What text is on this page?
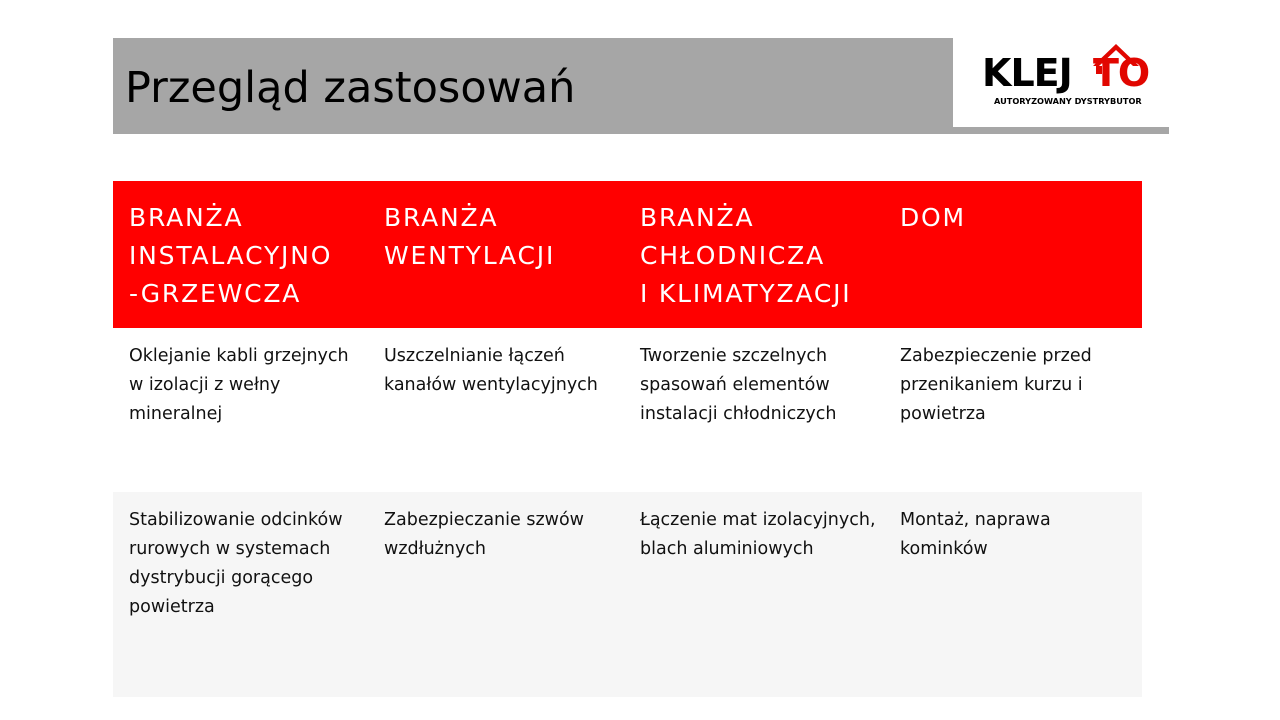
Przegląd zastosowań	KLEJ TO
AUTORYZOWANY DYSTRYBUTOR
BRANŻA
INSTALACYJNO
-GRZEWCZA
BRANŻA
WENTYLACJI
BRANŻA
CHŁODNICZA
I KLIMATYZACJI
DOM
Oklejanie kabli grzejnych w izolacji z wełny mineralnej
Uszczelnianie łączeń kanałów wentylacyjnych
Tworzenie szczelnych spasowań elementów instalacji chłodniczych
Zabezpieczenie przed przenikaniem kurzu i powietrza
Stabilizowanie odcinków rurowych w systemach dystrybucji gorącego powietrza
Zabezpieczanie szwów wzdłużnych
Łączenie mat izolacyjnych, blach aluminiowych
Montaż, naprawa kominków
